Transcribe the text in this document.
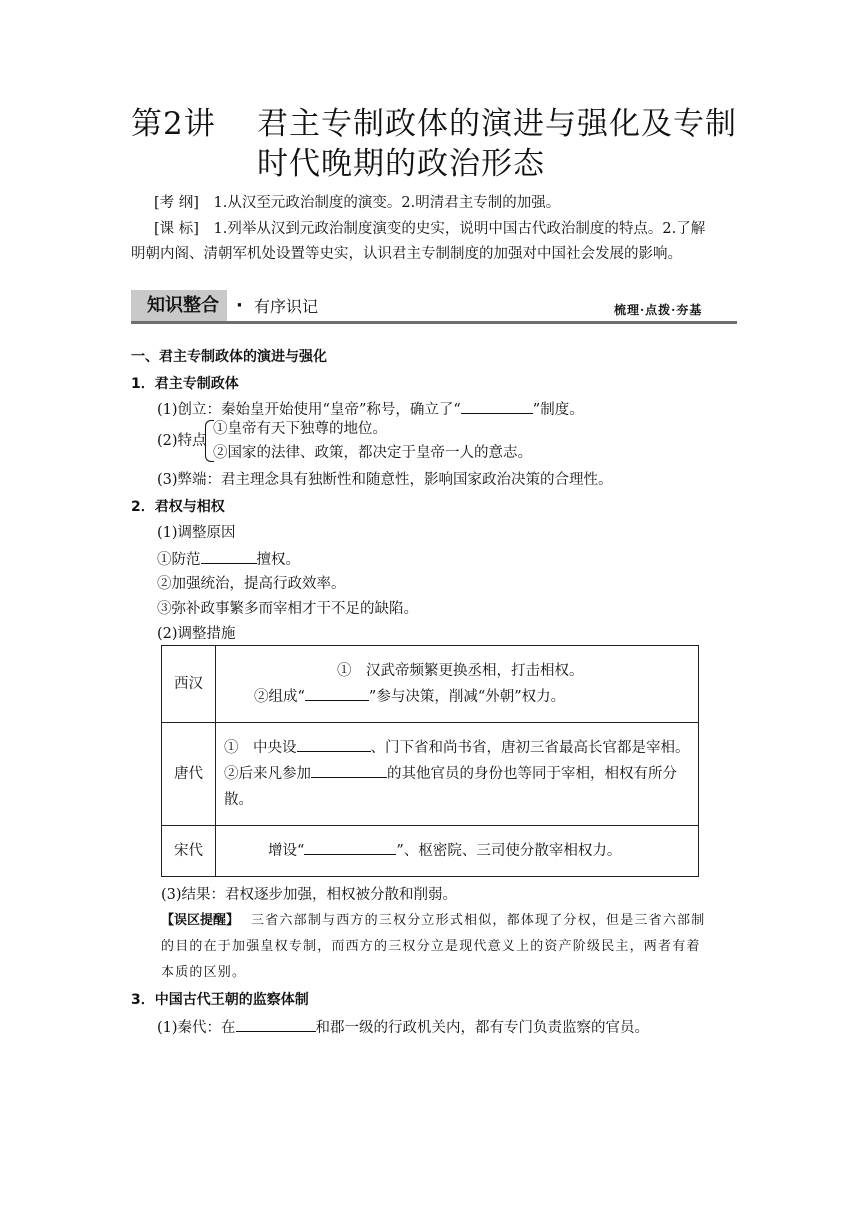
第2讲 君主专制政体的演进与强化及专制
时代晚期的政治形态
[考 纲] 1.从汉至元政治制度的演变。2.明清君主专制的加强。
[课 标] 1.列举从汉到元政治制度演变的史实，说明中国古代政治制度的特点。2.了解
明朝内阁、清朝军机处设置等史实，认识君主专制制度的加强对中国社会发展的影响。
知识整合 · 有序识记	梳理·点拨·夯基
一、君主专制政体的演进与强化
1．君主专制政体
(1)创立：秦始皇开始使用“皇帝”称号，确立了“	”制度。
(2)特点
①皇帝有天下独尊的地位。
②国家的法律、政策，都决定于皇帝一人的意志。
(3)弊端：君主理念具有独断性和随意性，影响国家政治决策的合理性。
2．君权与相权
(1)调整原因
①防范	擅权。
②加强统治，提高行政效率。
③弥补政事繁多而宰相才干不足的缺陷。
(2)调整措施
西汉	①　汉武帝频繁更换丞相，打击相权。
②组成“ ”参与决策，削减“外朝”权力。

唐代	①　中央设 、门下省和尚书省，唐初三省最高长官都是宰相。
②后来凡参加 的其他官员的身份也等同于宰相，相权有所分散。

宋代	增设“ ”、枢密院、三司使分散宰相权力。
(3)结果：君权逐步加强，相权被分散和削弱。
【误区提醒】 三省六部制与西方的三权分立形式相似，都体现了分权，但是三省六部制
的目的在于加强皇权专制，而西方的三权分立是现代意义上的资产阶级民主，两者有着
本质的区别。
3．中国古代王朝的监察体制
(1)秦代：在	和郡一级的行政机关内，都有专门负责监察的官员。
